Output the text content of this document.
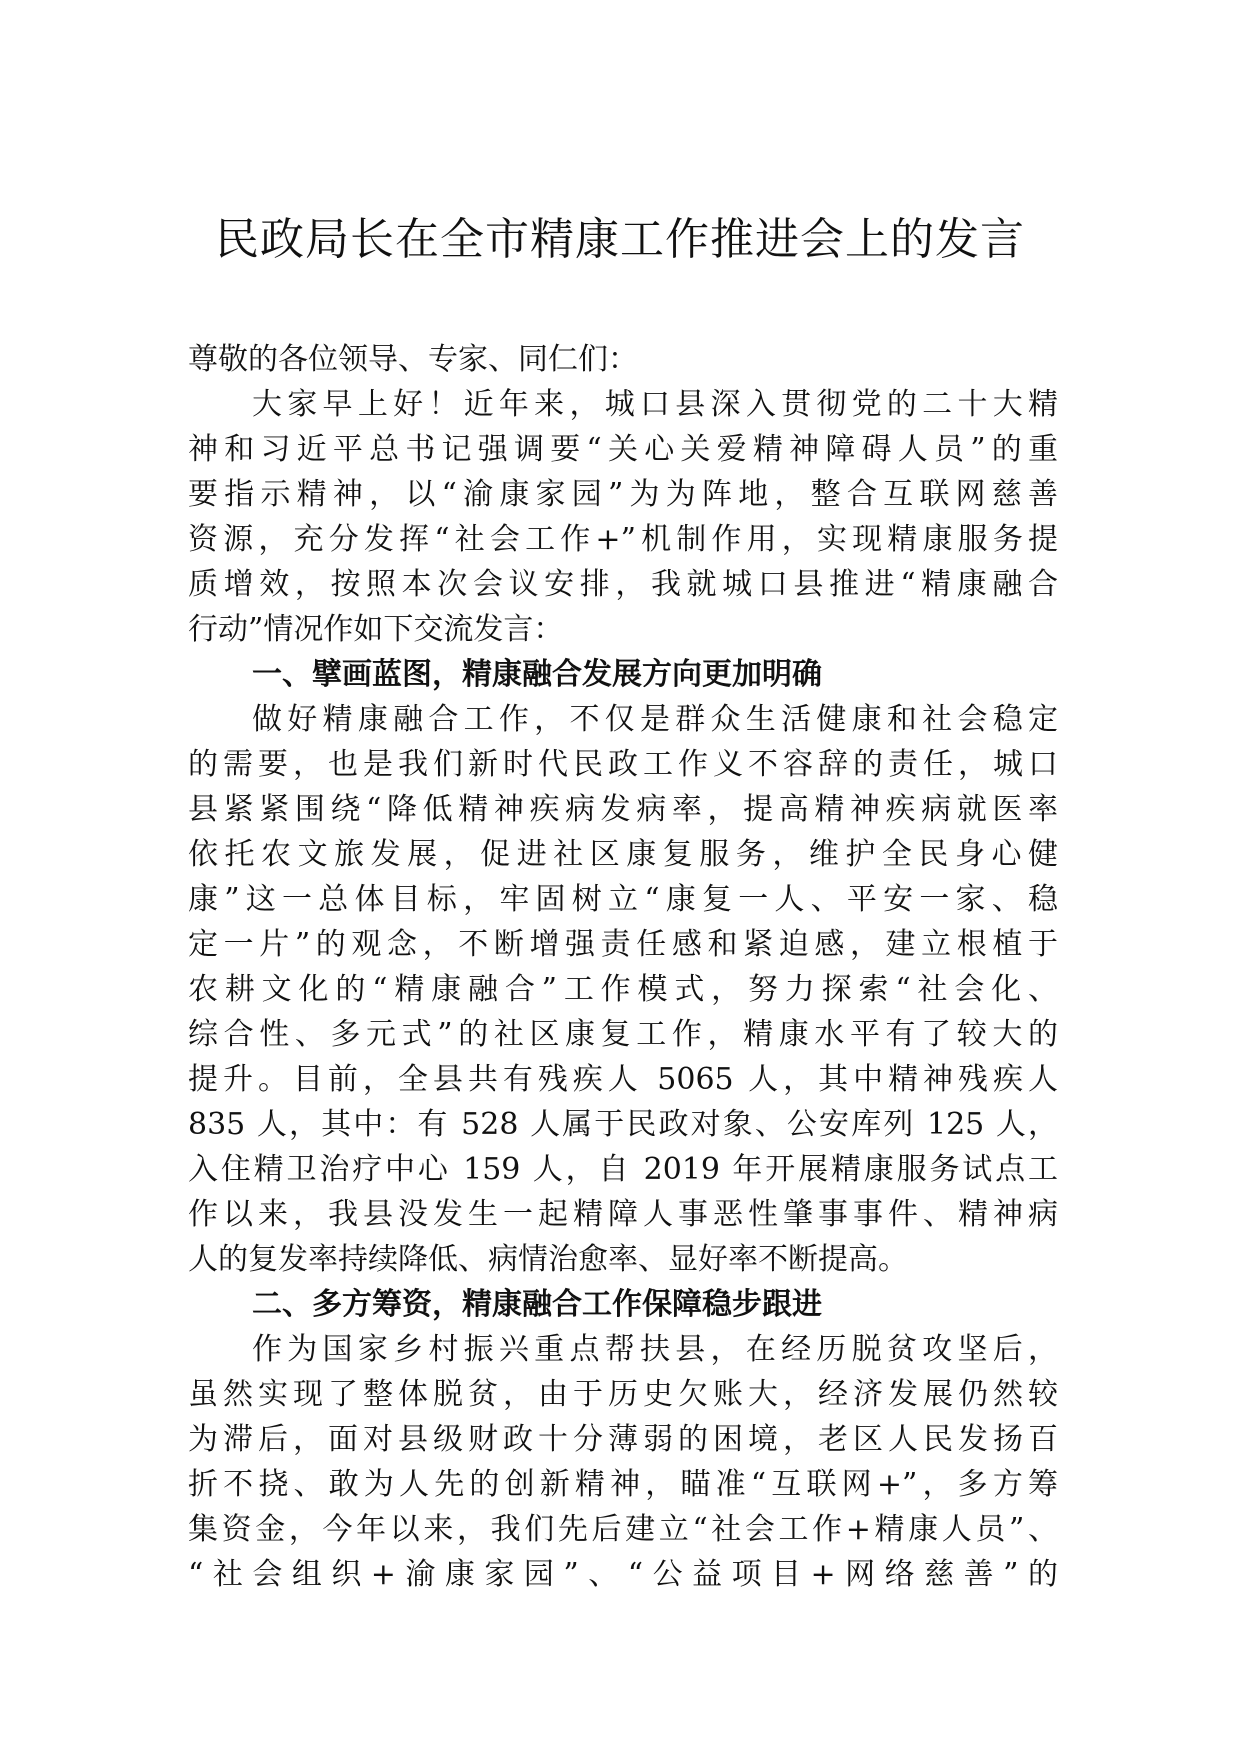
民政局长在全市精康工作推进会上的发言
尊敬的各位领导、专家、同仁们：
大家早上好！近年来，城口县深入贯彻党的二十大精
神和习近平总书记强调要“关心关爱精神障碍人员”的重
要指示精神，以“渝康家园”为为阵地，整合互联网慈善
资源，充分发挥“社会工作+”机制作用，实现精康服务提
质增效，按照本次会议安排，我就城口县推进“精康融合
行动”情况作如下交流发言：
一、擘画蓝图，精康融合发展方向更加明确
做好精康融合工作，不仅是群众生活健康和社会稳定
的需要，也是我们新时代民政工作义不容辞的责任，城口
县紧紧围绕“降低精神疾病发病率，提高精神疾病就医率
依托农文旅发展，促进社区康复服务，维护全民身心健
康”这一总体目标，牢固树立“康复一人、平安一家、稳
定一片”的观念，不断增强责任感和紧迫感，建立根植于
农耕文化的“精康融合”工作模式，努力探索“社会化、
综合性、多元式”的社区康复工作，精康水平有了较大的
提升。目前，全县共有残疾人 5065 人，其中精神残疾人
835 人，其中：有 528 人属于民政对象、公安库列 125 人，
入住精卫治疗中心 159 人，自 2019 年开展精康服务试点工
作以来，我县没发生一起精障人事恶性肇事事件、精神病
人的复发率持续降低、病情治愈率、显好率不断提高。
二、多方筹资，精康融合工作保障稳步跟进
作为国家乡村振兴重点帮扶县，在经历脱贫攻坚后，
虽然实现了整体脱贫，由于历史欠账大，经济发展仍然较
为滞后，面对县级财政十分薄弱的困境，老区人民发扬百
折不挠、敢为人先的创新精神，瞄准“互联网+”，多方筹
集资金，今年以来，我们先后建立“社会工作+精康人员”、
“社会组织+渝康家园”、“公益项目+网络慈善”的
